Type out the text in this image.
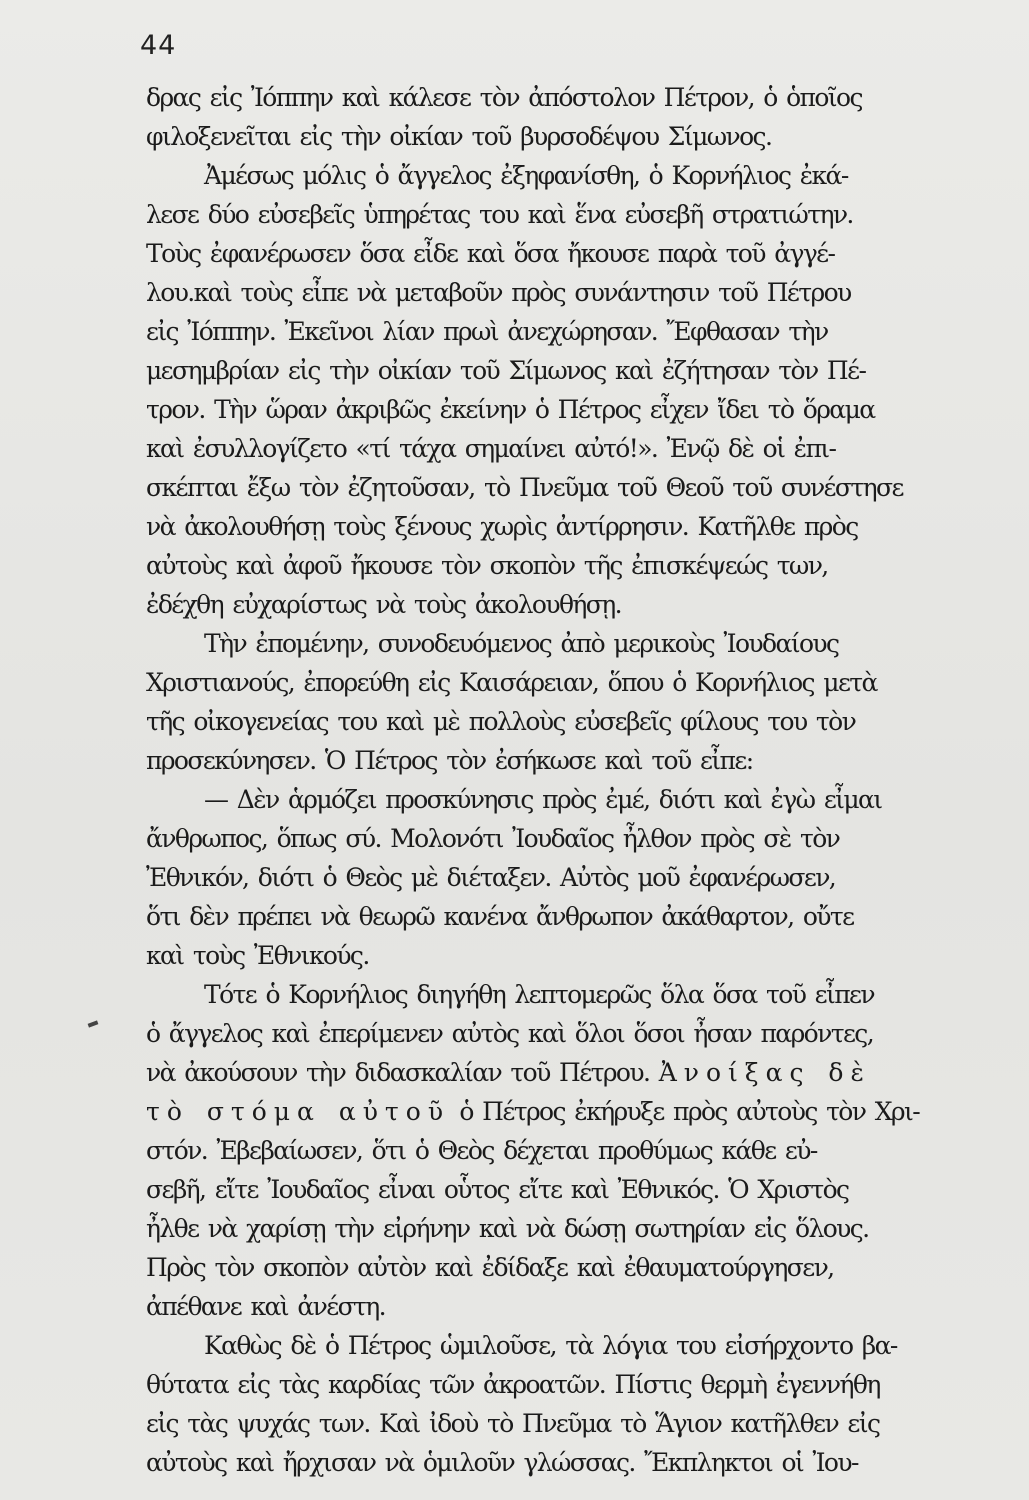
44
δρας εἰς Ἰόππην καὶ κάλεσε τὸν ἀπόστολον Πέτρον, ὁ ὁποῖος
φιλοξενεῖται εἰς τὴν οἰκίαν τοῦ βυρσοδέψου Σίμωνος.
Ἀμέσως μόλις ὁ ἄγγελος ἐξηφανίσθη, ὁ Κορνήλιος ἐκά-
λεσε δύο εὐσεβεῖς ὑπηρέτας του καὶ ἕνα εὐσεβῆ στρατιώτην.
Τοὺς ἐφανέρωσεν ὅσα εἶδε καὶ ὅσα ἤκουσε παρὰ τοῦ ἀγγέ-
λου.καὶ τοὺς εἶπε νὰ μεταβοῦν πρὸς συνάντησιν τοῦ Πέτρου
εἰς Ἰόππην. Ἐκεῖνοι λίαν πρωὶ ἀνεχώρησαν. Ἔφθασαν τὴν
μεσημβρίαν εἰς τὴν οἰκίαν τοῦ Σίμωνος καὶ ἐζήτησαν τὸν Πέ-
τρον. Τὴν ὥραν ἀκριβῶς ἐκείνην ὁ Πέτρος εἶχεν ἴδει τὸ ὅραμα
καὶ ἐσυλλογίζετο «τί τάχα σημαίνει αὐτό!». Ἐνῷ δὲ οἱ ἐπι-
σκέπται ἔξω τὸν ἐζητοῦσαν, τὸ Πνεῦμα τοῦ Θεοῦ τοῦ συνέστησε
νὰ ἀκολουθήσῃ τοὺς ξένους χωρὶς ἀντίρρησιν. Κατῆλθε πρὸς
αὐτοὺς καὶ ἀφοῦ ἤκουσε τὸν σκοπὸν τῆς ἐπισκέψεώς των,
ἐδέχθη εὐχαρίστως νὰ τοὺς ἀκολουθήσῃ.
Τὴν ἐπομένην, συνοδευόμενος ἀπὸ μερικοὺς Ἰουδαίους
Χριστιανούς, ἐπορεύθη εἰς Καισάρειαν, ὅπου ὁ Κορνήλιος μετὰ
τῆς οἰκογενείας του καὶ μὲ πολλοὺς εὐσεβεῖς φίλους του τὸν
προσεκύνησεν. Ὁ Πέτρος τὸν ἐσήκωσε καὶ τοῦ εἶπε:
— Δὲν ἁρμόζει προσκύνησις πρὸς ἐμέ, διότι καὶ ἐγὼ εἶμαι
ἄνθρωπος, ὅπως σύ. Μολονότι Ἰουδαῖος ἦλθον πρὸς σὲ τὸν
Ἐθνικόν, διότι ὁ Θεὸς μὲ διέταξεν. Αὐτὸς μοῦ ἐφανέρωσεν,
ὅτι δὲν πρέπει νὰ θεωρῶ κανένα ἄνθρωπον ἀκάθαρτον, οὔτε
καὶ τοὺς Ἐθνικούς.
Τότε ὁ Κορνήλιος διηγήθη λεπτομερῶς ὅλα ὅσα τοῦ εἶπεν
ὁ ἄγγελος καὶ ἐπερίμενεν αὐτὸς καὶ ὅλοι ὅσοι ἦσαν παρόντες,
νὰ ἀκούσουν τὴν διδασκαλίαν τοῦ Πέτρου. Ἀνοίξας δὲ
τὸ στόμα αὐτοῦ ὁ Πέτρος ἐκήρυξε πρὸς αὐτοὺς τὸν Χρι-
στόν. Ἐβεβαίωσεν, ὅτι ὁ Θεὸς δέχεται προθύμως κάθε εὐ-
σεβῆ, εἴτε Ἰουδαῖος εἶναι οὗτος εἴτε καὶ Ἐθνικός. Ὁ Χριστὸς
ἦλθε νὰ χαρίσῃ τὴν εἰρήνην καὶ νὰ δώσῃ σωτηρίαν εἰς ὅλους.
Πρὸς τὸν σκοπὸν αὐτὸν καὶ ἐδίδαξε καὶ ἐθαυματούργησεν,
ἀπέθανε καὶ ἀνέστη.
Καθὼς δὲ ὁ Πέτρος ὡμιλοῦσε, τὰ λόγια του εἰσήρχοντο βα-
θύτατα εἰς τὰς καρδίας τῶν ἀκροατῶν. Πίστις θερμὴ ἐγεννήθη
εἰς τὰς ψυχάς των. Καὶ ἰδοὺ τὸ Πνεῦμα τὸ Ἅγιον κατῆλθεν εἰς
αὐτοὺς καὶ ἤρχισαν νὰ ὁμιλοῦν γλώσσας. Ἔκπληκτοι οἱ Ἰου-
